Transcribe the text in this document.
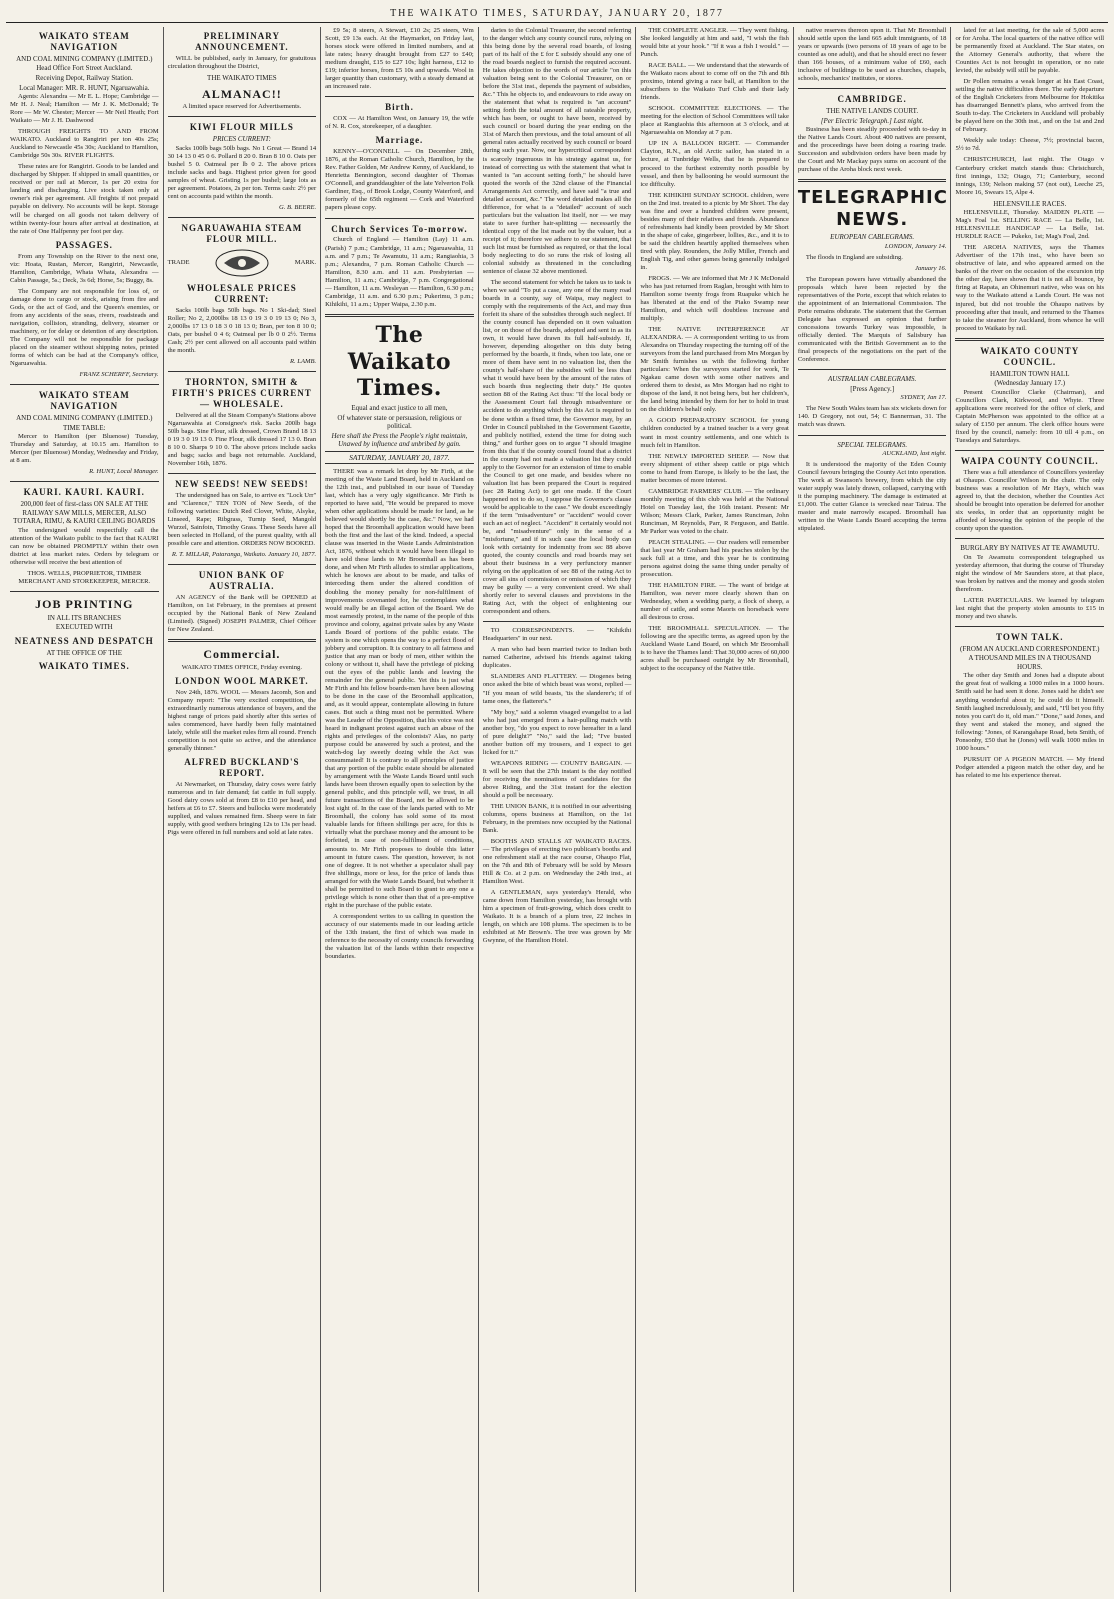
THE WAIKATO TIMES, SATURDAY, JANUARY 20, 1877
WAIKATO STEAM NAVIGATION
AND COAL MINING COMPANY (LIMITED.)
Head Office Fort Street Auckland.
Receiving Depot, Railway Station.
Local Manager: MR. R. HUNT, Ngaruawahia.

Agents: Alexandra — Mr E. L. Hope; Cambridge — Mr H. J. Neal; Hamilton — Mr J. K. McDonald; Te Rore — Mr W. Chester; Mercer — Mr Neil Heath; Fort Waikato — Mr J. H. Dashwood

THROUGH FREIGHTS TO AND FROM WAIKATO. Auckland to Rangiriri per ton 40s 25s; Auckland to Newcastle 45s 30s; Auckland to Hamilton, Cambridge 50s 30s. RIVER FLIGHTS.

These rates are for Rangiriri. Goods to be landed and discharged by Shipper. If shipped in small quantities, or received or per rail at Mercer, 1s per 20 extra for landing and discharging. Live stock taken only at owner's risk per agreement. All freights if not prepaid payable on delivery. No accounts will be kept. Storage will be charged on all goods not taken delivery of within twenty-four hours after arrival at destination, at the rate of One Halfpenny per foot per day.

PASSAGES.

From any Township on the River to the next one, viz: Hoata, Rustan, Mercer, Rangiriri, Newcastle, Hamilton, Cambridge, Whata Whata, Alexandra — Cabin Passage, 5s.; Deck, 3s 6d; Horse, 5s; Buggy, 8s.

The Company are not responsible for loss of, or damage done to cargo or stock, arising from fire and Gods, or the act of God, and the Queen's enemies, or from any accidents of the seas, rivers, roadsteads and navigation, collision, stranding, delivery, steamer or machinery, or for delay or detention of any description. The Company will not be responsible for package placed on the steamer without shipping notes, printed forms of which can be had at the Company's office, Ngaruawahia.

FRANZ SCHERFF, Secretary.

WAIKATO STEAM NAVIGATION
AND COAL MINING COMPANY (LIMITED.)
TIME TABLE:

Mercer to Hamilton (per Bluenose) Tuesday, Thursday and Saturday, at 10.15 am. Hamilton to Mercer (per Bluenose) Monday, Wednesday and Friday, at 8 am.

R. HUNT, Local Manager.

KAURI. KAURI. KAURI.
200,000 feet of first-class ON SALE AT THE RAILWAY SAW MILLS, MERCER, ALSO TOTARA, RIMU, & KAURI CEILING BOARDS

The undersigned would respectfully call the attention of the Waikato public to the fact that KAURI can now be obtained PROMPTLY within their own district at less market rates. Orders by telegram or otherwise will receive the best attention of

THOS. WELLS, PROPRIETOR, TIMBER MERCHANT AND STOREKEEPER, MERCER.

JOB PRINTING
IN ALL ITS BRANCHES
EXECUTED WITH
NEATNESS AND DESPATCH
AT THE OFFICE OF THE
WAIKATO TIMES.
PRELIMINARY ANNOUNCEMENT.

WILL be published, early in January, for gratuitous circulation throughout the District,

THE WAIKATO TIMES
ALMANAC!!

A limited space reserved for Advertisements.

KIWI FLOUR MILLS
PRICES CURRENT:

Sacks 100lb bags 50lb bags. No 1 Great — Brand 14 30 14 13 0 45 0 6. Pollard 8 20 0. Bran 8 10 0. Oats per bushel 5 0. Oatmeal per lb 0 2. The above prices include sacks and bags. Highest price given for good samples of wheat. Gristing 1s per bushel; large lots as per agreement. Potatoes, 2s per ton. Terms cash: 2½ per cent on accounts paid within the month.

G. B. BEERE.

NGARUAWAHIA STEAM FLOUR MILL.
TRADE	MARK.
WHOLESALE PRICES CURRENT:

Sacks 100lb bags 50lb bags. No 1 Ski-dad; Steel Roller; No 2, 2,000lbs 18 13 0 19 3 0 19 13 0; No 3, 2,000lbs 17 13 0 18 3 0 18 13 0; Bran, per ton 8 10 0; Oats, per bushel 0 4 6; Oatmeal per lb 0 0 2½. Terms Cash; 2½ per cent allowed on all accounts paid within the month.

R. LAMB.

THORNTON, SMITH & FIRTH'S PRICES CURRENT — WHOLESALE.

Delivered at all the Steam Company's Stations above Ngaruawahia at Consignee's risk. Sacks 200lb bags 50lb bags. Sine Flour, silk dressed, Crown Brand 18 13 0 19 3 0 19 13 0. Fine Flour, silk dressed 17 13 0. Bran 8 10 0. Sharps 9 10 0. The above prices include sacks and bags; sacks and bags not returnable. Auckland, November 16th, 1876.

NEW SEEDS! NEW SEEDS!

The undersigned has on Sale, to arrive ex "Lock Urr" and "Clarence," TEN TON of New Seeds, of the following varieties: Dutch Red Clover, White, Alsyke, Linseed, Rape; Ribgrass, Turnip Seed, Mangold Wurzel, Sainfoin, Timothy Grass. These Seeds have all been selected in Holland, of the purest quality, with all possible care and attention. ORDERS NOW BOOKED.

R. T. MILLAR, Pataranga, Waikato. January 10, 1877.

UNION BANK OF AUSTRALIA.

AN AGENCY of the Bank will be OPENED at Hamilton, on 1st February, in the premises at present occupied by the National Bank of New Zealand (Limited). (Signed) JOSEPH PALMER, Chief Officer for New Zealand.

Commercial.

WAIKATO TIMES OFFICE, Friday evening.

LONDON WOOL MARKET.

Nov 24th, 1876. WOOL — Messrs Jacomb, Son and Company report: "The very excited competition, the extraordinarily numerous attendance of buyers, and the highest range of prices paid shortly after this series of sales commenced, have hardly been fully maintained lately, while still the market rules firm all round. French competition is not quite so active, and the attendance generally thinner."

ALFRED BUCKLAND'S REPORT.

At Newmarket, on Thursday, dairy cows were fairly numerous and in fair demand; fat cattle in full supply. Good dairy cows sold at from £8 to £10 per head, and heifers at £6 to £7. Steers and bullocks were moderately supplied, and values remained firm. Sheep were in fair supply, with good wethers bringing 12s to 13s per head. Pigs were offered in full numbers and sold at late rates.

£9 5s; 8 steers, A Stewart, £10 2s; 25 steers, Wm Scott, £9 13s each. At the Haymarket, on Friday last, horses stock were offered in limited numbers, and at late rates; heavy draught brought from £27 to £40; medium draught, £15 to £27 10s; light harness, £12 to £19; inferior horses, from £5 10s and upwards. Wool in larger quantity than customary, with a steady demand at an increased rate.

Birth.

COX — At Hamilton West, on January 19, the wife of N. R. Cox, storekeeper, of a daughter.

Marriage.

KENNY—O'CONNELL — On December 28th, 1876, at the Roman Catholic Church, Hamilton, by the Rev. Father Golden, Mr Andrew Kenny, of Auckland, to Henrietta Bennington, second daughter of Thomas O'Connell, and granddaughter of the late Yelverton Folk Gardiner, Esq., of Brook Lodge, County Waterford, and formerly of the 65th regiment — Cork and Waterford papers please copy.

Church Services To-morrow.

Church of England — Hamilton (Lay) 11 a.m. (Parish) 7 p.m.; Cambridge, 11 a.m.; Ngaruawahia, 11 a.m. and 7 p.m.; Te Awamutu, 11 a.m.; Rangiaohia, 3 p.m.; Alexandra, 7 p.m. Roman Catholic Church — Hamilton, 8.30 a.m. and 11 a.m. Presbyterian — Hamilton, 11 a.m.; Cambridge, 7 p.m. Congregational — Hamilton, 11 a.m. Wesleyan — Hamilton, 6.30 p.m.; Cambridge, 11 a.m. and 6.30 p.m.; Pukerimu, 3 p.m.; Kihikihi, 11 a.m.; Upper Waipa, 2.30 p.m.

The Waikato Times.
Equal and exact justice to all men,
Of whatever state or persuasion, religious or political.
Here shall the Press the People's right maintain, Unawed by influence and unbribed by gain.
SATURDAY, JANUARY 20, 1877.

THERE was a remark let drop by Mr Firth, at the meeting of the Waste Land Board, held in Auckland on the 12th inst., and published in our issue of Tuesday last, which has a very ugly significance. Mr Firth is reported to have said, "He would be prepared to move when other applications should be made for land, as he believed would shortly be the case, &c." Now, we had hoped that the Broomhall application would have been both the first and the last of the kind. Indeed, a special clause was inserted in the Waste Lands Administration Act, 1876, without which it would have been illegal to have sold these lands to Mr Broomhall as has been done, and when Mr Firth alludes to similar applications, which he knows are about to be made, and talks of interceding them under the altered condition of doubling the money penalty for non-fulfilment of improvements covenanted for, he contemplates what would really be an illegal action of the Board. We do most earnestly protest, in the name of the people of this province and colony, against private sales by any Waste Lands Board of portions of the public estate. The system is one which opens the way to a perfect flood of jobbery and corruption. It is contrary to all fairness and justice that any man or body of men, either within the colony or without it, shall have the privilege of picking out the eyes of the public lands and leaving the remainder for the general public. Yet this is just what Mr Firth and his fellow boards-men have been allowing to be done in the case of the Broomhall application, and, as it would appear, contemplate allowing in future cases. But such a thing must not be permitted. Where was the Leader of the Opposition, that his voice was not heard in indignant protest against such an abuse of the rights and privileges of the colonists? Alas, no party purpose could be answered by such a protest, and the watch-dog lay sweetly dozing while the Act was consummated! It is contrary to all principles of justice that any portion of the public estate should be alienated by arrangement with the Waste Lands Board until such lands have been thrown equally open to selection by the general public, and this principle will, we trust, in all future transactions of the Board, not be allowed to be lost sight of. In the case of the lands parted with to Mr Broomhall, the colony has sold some of its most valuable lands for fifteen shillings per acre, for this is virtually what the purchase money and the amount to be forfeited, in case of non-fulfilment of conditions, amounts to. Mr Firth proposes to double this latter amount in future cases. The question, however, is not one of degree. It is not whether a speculator shall pay five shillings, more or less, for the price of lands thus arranged for with the Waste Lands Board, but whether it shall be permitted to such Board to grant to any one a privilege which is none other than that of a pre-emptive right in the purchase of the public estate.

A correspondent writes to us calling in question the accuracy of our statements made in our leading article of the 13th instant, the first of which was made in reference to the necessity of county councils forwarding the valuation list of the lands within their respective boundaries.

daries to the Colonial Treasurer, the second referring to the danger which any county council runs, relying on this being done by the several road boards, of losing part of its half of the £ for £ subsidy should any one of the road boards neglect to furnish the required account. He takes objection to the words of our article "on this valuation being sent to the Colonial Treasurer, on or before the 31st inst., depends the payment of subsidies, &c." This he objects to, and endeavours to ride away on the statement that what is required is "an account" setting forth the total amount of all rateable property, which has been, or ought to have been, received by such council or board during the year ending on the 31st of March then previous, and the total amount of all general rates actually received by such council or board during such year. Now, our hypercritical correspondent is scarcely ingenuous in his strategy against us, for instead of correcting us with the statement that what is wanted is "an account setting forth," he should have quoted the words of the 32nd clause of the Financial Arrangements Act correctly, and have said "a true and detailed account, &c." The word detailed makes all the difference, for what is a "detailed" account of such particulars but the valuation list itself, nor — we may state to save further hair-splitting — necessarily the identical copy of the list made out by the valuer, but a receipt of it; therefore we adhere to our statement, that such list must be furnished as required, or that the local body neglecting to do so runs the risk of losing all colonial subsidy as threatened in the concluding sentence of clause 32 above mentioned.

The second statement for which he takes us to task is when we said "To put a case, any one of the many road boards in a county, say of Waipa, may neglect to comply with the requirements of the Act, and may thus forfeit its share of the subsidies through such neglect. If the county council has depended on it own valuation list, or on those of the boards, adopted and sent in as its own, it would have drawn its full half-subsidy. If, however, depending altogether on this duty being performed by the boards, it finds, when too late, one or more of them have sent in no valuation list, then the county's half-share of the subsidies will be less than what it would have been by the amount of the rates of such boards thus neglecting their duty." He quotes section 88 of the Rating Act thus: "If the local body or the Assessment Court fail through misadventure or accident to do anything which by this Act is required to be done within a fixed time, the Governor may, by an Order in Council published in the Government Gazette, and publicly notified, extend the time for doing such thing," and further goes on to argue "I should imagine from this that if the county council found that a district in the county had not made a valuation list they could apply to the Governor for an extension of time to enable the Council to get one made, and besides where no valuation list has been prepared the Court is required (sec 28 Rating Act) to get one made. If the Court happened not to do so, I suppose the Governor's clause would be applicable to the case." We doubt exceedingly if the term "misadventure" or "accident" would cover such an act of neglect. "Accident" it certainly would not be, and "misadventure" only in the sense of a "misfortune," and if in such case the local body can look with certainty for indemnity from sec 88 above quoted, the county councils and road boards may set about their business in a very perfunctory manner relying on the application of sec 88 of the rating Act to cover all sins of commission or omission of which they may be guilty — a very convenient creed. We shall shortly refer to several clauses and provisions in the Rating Act, with the object of enlightening our correspondent and others.

TO CORRESPONDENTS. — "Kihikihi Headquarters" in our next.

A man who had been married twice to Indian both named Catherine, advised his friends against taking duplicates.

SLANDERS AND FLATTERY. — Diogenes being once asked the bite of which beast was worst, replied — "If you mean of wild beasts, 'tis the slanderer's; if of tame ones, the flatterer's."

"My boy," said a solemn visaged evangelist to a lad who had just emerged from a hair-pulling match with another boy, "do you expect to rove hereafter in a land of pure delight?" "No," said the lad; "I've busted another button off my trousers, and I expect to get licked for it."

WEAPONS RIDING — COUNTY BARGAIN. — It will be seen that the 27th instant is the day notified for receiving the nominations of candidates for the above Riding, and the 31st instant for the election should a poll be necessary.

THE UNION BANK, it is notified in our advertising columns, opens business at Hamilton, on the 1st February, in the premises now occupied by the National Bank.

BOOTHS AND STALLS AT WAIKATO RACES. — The privileges of erecting two publican's booths and one refreshment stall at the race course, Ohaupo Flat, on the 7th and 8th of February will be sold by Messrs Hill & Co. at 2 p.m. on Wednesday the 24th inst., at Hamilton West.

A GENTLEMAN, says yesterday's Herald, who came down from Hamilton yesterday, has brought with him a specimen of fruit-growing, which does credit to Waikato. It is a branch of a plum tree, 22 inches in length, on which are 108 plums. The specimen is to be exhibited at Mr Brown's. The tree was grown by Mr Gwynne, of the Hamilton Hotel.

THE COMPLETE ANGLER. — They went fishing. She looked languidly at him and said, "I wish the fish would bite at your hook." "If it was a fish I would." — Punch.

RACE BALL. — We understand that the stewards of the Waikato races about to come off on the 7th and 8th proximo, intend giving a race ball, at Hamilton to the subscribers to the Waikato Turf Club and their lady friends.

SCHOOL COMMITTEE ELECTIONS. — The meeting for the election of School Committees will take place at Rangiaohia this afternoon at 3 o'clock, and at Ngaruawahia on Monday at 7 p.m.

UP IN A BALLOON RIGHT. — Commander Clayton, R.N., an old Arctic sailor, has stated in a lecture, at Tunbridge Wells, that he is prepared to proceed to the furthest extremity north possible by vessel, and then by ballooning he would surmount the ice difficulty.

THE KIHIKIHI SUNDAY SCHOOL children, were on the 2nd inst. treated to a picnic by Mr Short. The day was fine and over a hundred children were present, besides many of their relatives and friends. Abundance of refreshments had kindly been provided by Mr Short in the shape of cake, gingerbeer, lollies, &c., and it is to be said the children heartily applied themselves when tired with play. Rounders, the Jolly Miller, French and English Tig, and other games being generally indulged in.

FROGS. — We are informed that Mr J K McDonald who has just returned from Raglan, brought with him to Hamilton some twenty frogs from Ruapuke which he has liberated at the end of the Piako Swamp near Hamilton, and which will doubtless increase and multiply.

THE NATIVE INTERFERENCE AT ALEXANDRA. — A correspondent writing to us from Alexandra on Thursday respecting the turning off of the surveyors from the land purchased from Mrs Morgan by Mr Smith furnishes us with the following further particulars: When the surveyors started for work, Te Ngakau came down with some other natives and ordered them to desist, as Mrs Morgan had no right to dispose of the land, it not being hers, but her children's, the land being intended by them for her to hold in trust on the children's behalf only.

A GOOD PREPARATORY SCHOOL for young children conducted by a trained teacher is a very great want in most country settlements, and one which is much felt in Hamilton.

THE NEWLY IMPORTED SHEEP. — Now that every shipment of either sheep cattle or pigs which come to hand from Europe, is likely to be the last, the matter becomes of more interest.

CAMBRIDGE FARMERS' CLUB. — The ordinary monthly meeting of this club was held at the National Hotel on Tuesday last, the 16th instant. Present: Mr Wilson; Messrs Clark, Parker, James Runciman, John Runciman, M Reynolds, Parr, R Ferguson, and Battle. Mr Parker was voted to the chair.

PEACH STEALING. — Our readers will remember that last year Mr Graham had his peaches stolen by the sack full at a time, and this year he is continuing persons against doing the same thing under penalty of prosecution.

THE HAMILTON FIRE. — The want of bridge at Hamilton, was never more clearly shown than on Wednesday, when a wedding party, a flock of sheep, a number of cattle, and some Maoris on horseback were all desirous to cross.

THE BROOMHALL SPECULATION. — The following are the specific terms, as agreed upon by the Auckland Waste Land Board, on which Mr Broomhall is to have the Thames land: That 30,000 acres of 60,000 acres shall be purchased outright by Mr Broomhall, subject to the occupancy of the Native title.

native reserves thereon upon it. That Mr Broomhall should settle upon the land 665 adult immigrants, of 18 years or upwards (two persons of 18 years of age to be counted as one adult), and that he should erect no fewer than 166 houses, of a minimum value of £60, each inclusive of buildings to be used as churches, chapels, schools, mechanics' institutes, or stores.

CAMBRIDGE.
THE NATIVE LANDS COURT.
[Per Electric Telegraph.] Last night.

Business has been steadily proceeded with to-day in the Native Lands Court. About 400 natives are present, and the proceedings have been doing a roaring trade. Succession and subdivision orders have been made by the Court and Mr Mackay pays sums on account of the purchase of the Aroha block next week.

TELEGRAPHIC NEWS.
EUROPEAN CABLEGRAMS.

LONDON, January 14.

The floods in England are subsiding.

January 16.

The European powers have virtually abandoned the proposals which have been rejected by the representatives of the Porte, except that which relates to the appointment of an International Commission. The Porte remains obdurate. The statement that the German Delegate has expressed an opinion that further concessions towards Turkey was impossible, is officially denied. The Marquis of Salisbury has communicated with the British Government as to the final prospects of the negotiations on the part of the Conference.

AUSTRALIAN CABLEGRAMS.
[Press Agency.]

SYDNEY, Jan 17.

The New South Wales team has six wickets down for 140. D Gregory, not out, 54; C Bannerman, 31. The match was drawn.

SPECIAL TELEGRAMS.

AUCKLAND, last night.

It is understood the majority of the Eden County Council favours bringing the County Act into operation. The work at Swanson's brewery, from which the city water supply was lately drawn, collapsed, carrying with it the pumping machinery. The damage is estimated at £1,000. The cutter Glance is wrecked near Tairua. The master and mate narrowly escaped. Broomhall has written to the Waste Lands Board accepting the terms stipulated.

lated for at last meeting, for the sale of 5,000 acres or for Aroha. The local quarters of the native office will be permanently fixed at Auckland. The Star states, on the Attorney General's authority, that where the Counties Act is not brought in operation, or no rate levied, the subsidy will still be payable.

Dr Pollen remains a weak longer at his East Coast, settling the native difficulties there. The early departure of the English Cricketers from Melbourne for Hokitika has disarranged Bennett's plans, who arrived from the South to-day. The Cricketers in Auckland will probably be played here on the 30th inst., and on the 1st and 2nd of February.

Weekly sale today: Cheese, 7½; provincial bacon, 5½ to 7d.

CHRISTCHURCH, last night. The Otago v Canterbury cricket match stands thus: Christchurch, first innings, 132; Otago, 71; Canterbury, second innings, 139; Nelson making 57 (not out), Leeche 25, Moore 16, Swears 15, Alpe 4.

HELENSVILLE RACES.

HELENSVILLE, Thursday. MAIDEN PLATE — Mag's Foal 1st. SELLING RACE — La Belle, 1st. HELENSVILLE HANDICAP — La Belle, 1st. HURDLE RACE — Pukeko, 1st; Mag's Foal, 2nd.

THE AROHA NATIVES, says the Thames Advertiser of the 17th inst., who have been so obstructive of late, and who appeared armed on the banks of the river on the occasion of the excursion trip the other day, have shown that it is not all bounce, by firing at Rapata, an Ohinemuri native, who was on his way to the Waikato attend a Lands Court. He was not injured, but did not trouble the Ohaupo natives by proceeding after that insult, and returned to the Thames to take the steamer for Auckland, from whence he will proceed to Waikato by rail.

WAIKATO COUNTY COUNCIL.
HAMILTON TOWN HALL
(Wednesday January 17.)

Present Councillor Clarke (Chairman), and Councillors Clark, Kirkwood, and Whyte. Three applications were received for the office of clerk, and Captain McPherson was appointed to the office at a salary of £150 per annum. The clerk office hours were fixed by the council, namely: from 10 till 4 p.m., on Tuesdays and Saturdays.

WAIPA COUNTY COUNCIL.

There was a full attendance of Councillors yesterday at Ohaupo. Councillor Wilson in the chair. The only business was a resolution of Mr Hay's, which was agreed to, that the decision, whether the Counties Act should be brought into operation be deferred for another six weeks, in order that an opportunity might be afforded of knowing the opinion of the people of the county upon the question.

BURGLARY BY NATIVES AT TE AWAMUTU.

On Te Awamutu correspondent telegraphed us yesterday afternoon, that during the course of Thursday night the window of Mr Saunders store, at that place, was broken by natives and the money and goods stolen therefrom.

LATER PARTICULARS. We learned by telegram last night that the property stolen amounts to £15 in money and two shawls.

TOWN TALK.
(FROM AN AUCKLAND CORRESPONDENT.)
A THOUSAND MILES IN A THOUSAND HOURS.

The other day Smith and Jones had a dispute about the great feat of walking a 1000 miles in a 1000 hours. Smith said he had seen it done. Jones said he didn't see anything wonderful about it; he could do it himself. Smith laughed incredulously, and said, "I'll bet you fifty notes you can't do it, old man." "Done," said Jones, and they went and staked the money, and signed the following: "Jones, of Karangahape Road, bets Smith, of Ponsonby, £50 that he (Jones) will walk 1000 miles in 1000 hours."

PURSUIT OF A PIGEON MATCH. — My friend Podger attended a pigeon match the other day, and he has related to me his experience thereat.
